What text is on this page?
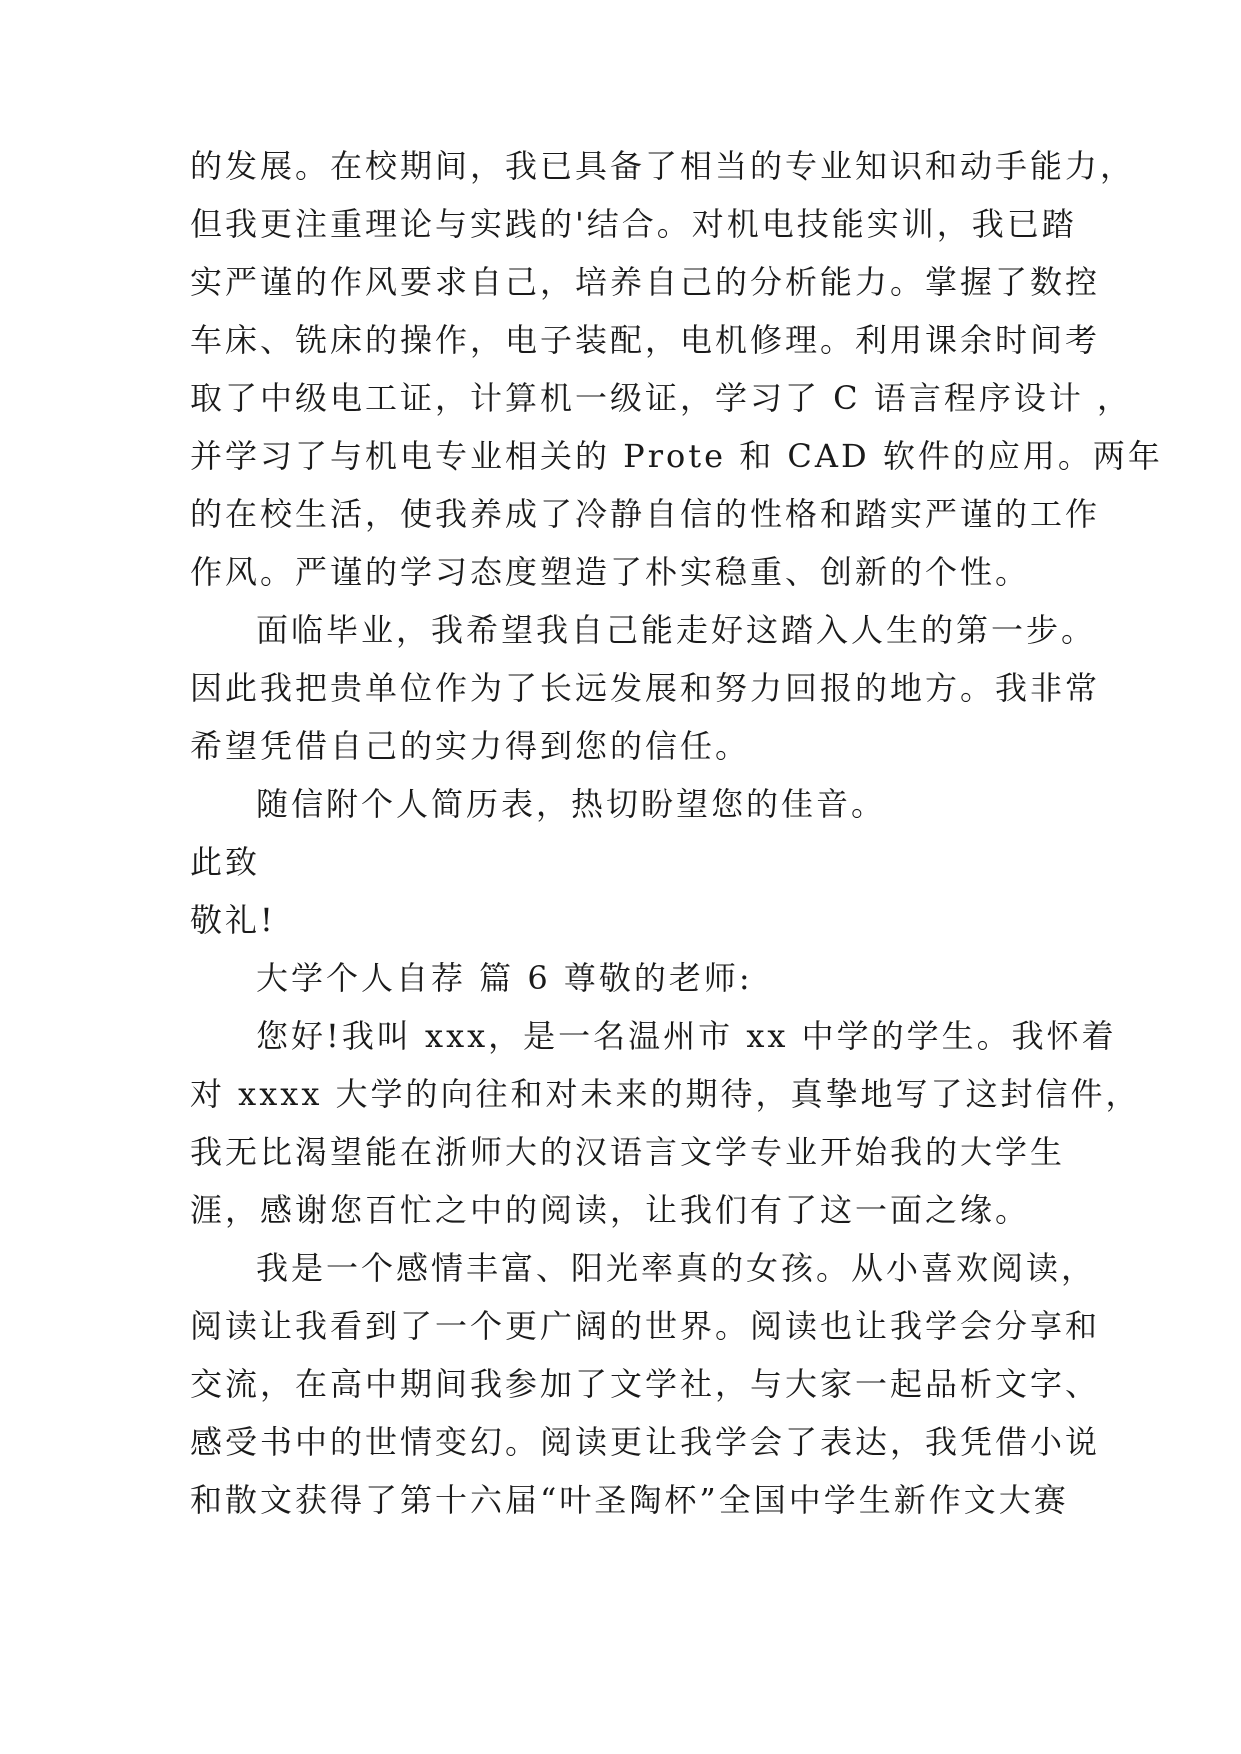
的发展。在校期间，我已具备了相当的专业知识和动手能力，
但我更注重理论与实践的'结合。对机电技能实训，我已踏
实严谨的作风要求自己，培养自己的分析能力。掌握了数控
车床、铣床的操作，电子装配，电机修理。利用课余时间考
取了中级电工证，计算机一级证，学习了 C 语言程序设计 ，
并学习了与机电专业相关的 Prote 和 CAD 软件的应用。两年
的在校生活，使我养成了冷静自信的性格和踏实严谨的工作
作风。严谨的学习态度塑造了朴实稳重、创新的个性。
面临毕业，我希望我自己能走好这踏入人生的第一步。
因此我把贵单位作为了长远发展和努力回报的地方。我非常
希望凭借自己的实力得到您的信任。
随信附个人简历表，热切盼望您的佳音。
此致
敬礼!
大学个人自荐 篇 6 尊敬的老师:
您好!我叫 xxx，是一名温州市 xx 中学的学生。我怀着
对 xxxx 大学的向往和对未来的期待，真挚地写了这封信件，
我无比渴望能在浙师大的汉语言文学专业开始我的大学生
涯，感谢您百忙之中的阅读，让我们有了这一面之缘。
我是一个感情丰富、阳光率真的女孩。从小喜欢阅读，
阅读让我看到了一个更广阔的世界。阅读也让我学会分享和
交流，在高中期间我参加了文学社，与大家一起品析文字、
感受书中的世情变幻。阅读更让我学会了表达，我凭借小说
和散文获得了第十六届“叶圣陶杯”全国中学生新作文大赛
